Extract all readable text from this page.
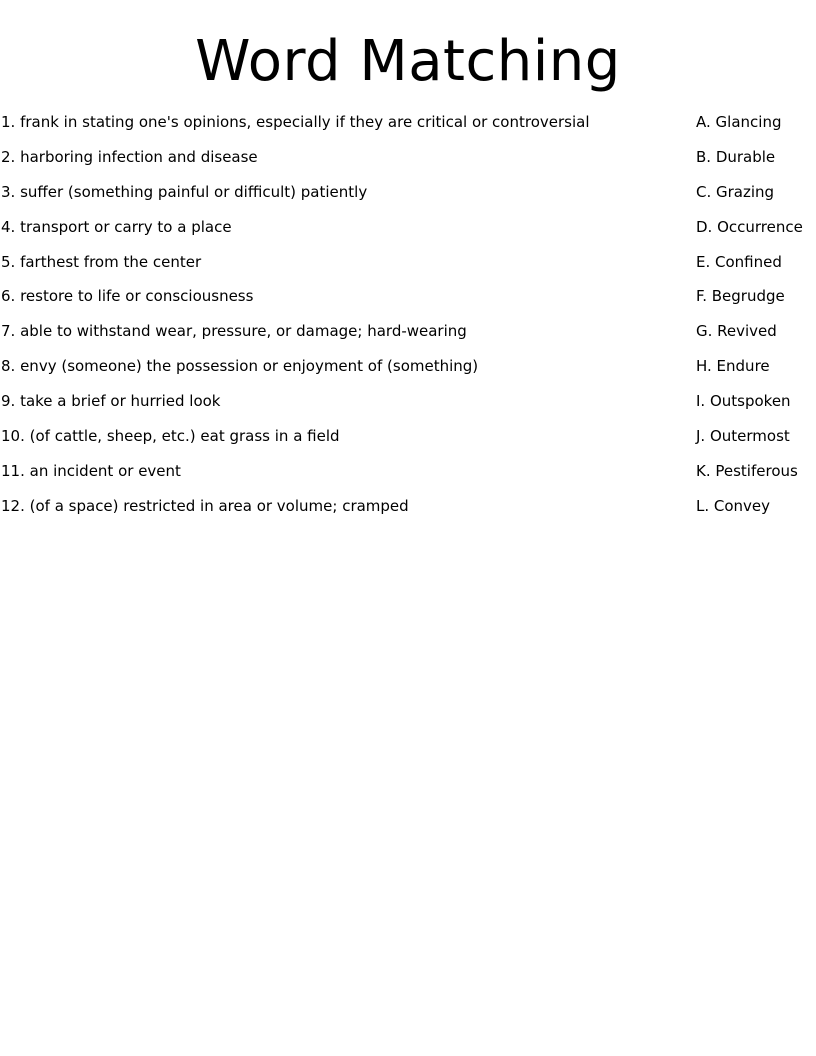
Word Matching
1. frank in stating one's opinions, especially if they are critical or controversial	A. Glancing
2. harboring infection and disease	B. Durable
3. suffer (something painful or difficult) patiently	C. Grazing
4. transport or carry to a place	D. Occurrence
5. farthest from the center	E. Confined
6. restore to life or consciousness	F. Begrudge
7. able to withstand wear, pressure, or damage; hard-wearing	G. Revived
8. envy (someone) the possession or enjoyment of (something)	H. Endure
9. take a brief or hurried look	I. Outspoken
10. (of cattle, sheep, etc.) eat grass in a field	J. Outermost
11. an incident or event	K. Pestiferous
12. (of a space) restricted in area or volume; cramped	L. Convey
